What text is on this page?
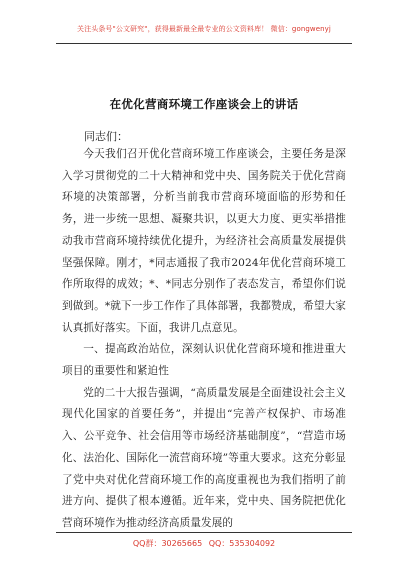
关注头条号"公文研究"，获得最新最全最专业的公文资料库！ 微信：gongwenyj
在优化营商环境工作座谈会上的讲话
同志们：

今天我们召开优化营商环境工作座谈会，主要任务是深入学习贯彻党的二十大精神和党中央、国务院关于优化营商环境的决策部署，分析当前我市营商环境面临的形势和任务，进一步统一思想、凝聚共识，以更大力度、更实举措推动我市营商环境持续优化提升，为经济社会高质量发展提供坚强保障。刚才，*同志通报了我市2024年优化营商环境工作所取得的成效；*、*同志分别作了表态发言，希望你们说到做到。*就下一步工作作了具体部署，我都赞成，希望大家认真抓好落实。下面，我讲几点意见。

一、提高政治站位，深刻认识优化营商环境和推进重大项目的重要性和紧迫性

党的二十大报告强调，“高质量发展是全面建设社会主义现代化国家的首要任务”，并提出“完善产权保护、市场准入、公平竞争、社会信用等市场经济基础制度”，“营造市场化、法治化、国际化一流营商环境”等重大要求。这充分彰显了党中央对优化营商环境工作的高度重视也为我们指明了前进方向、提供了根本遵循。近年来，党中央、国务院把优化营商环境作为推动经济高质量发展的

QQ群：30265665 QQ：535304092
